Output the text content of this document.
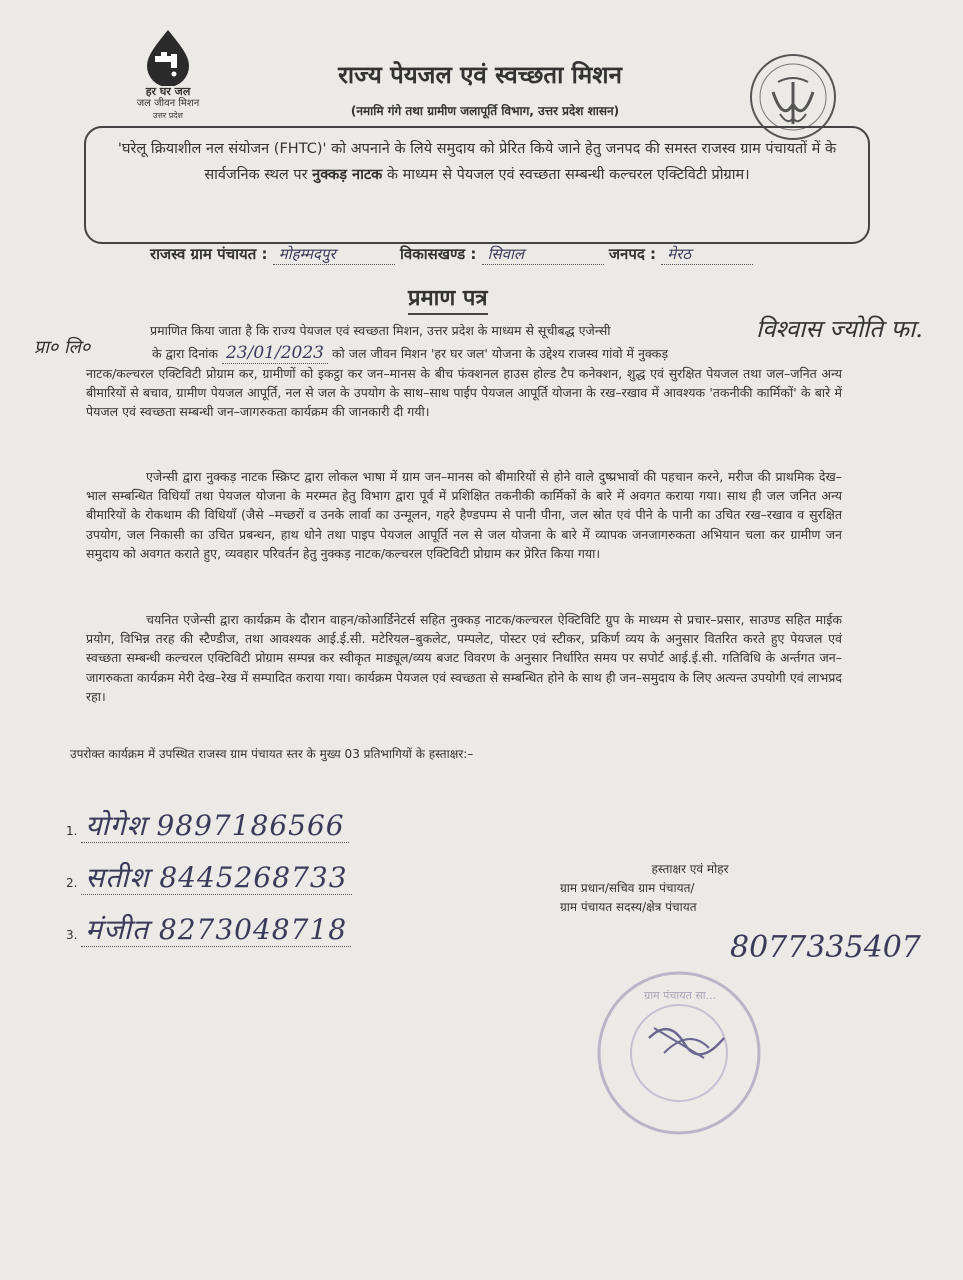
हर घर जल
जल जीवन मिशन
उत्तर प्रदेश
राज्य पेयजल एवं स्वच्छता मिशन
(नमामि गंगे तथा ग्रामीण जलापूर्ति विभाग, उत्तर प्रदेश शासन)
'घरेलू क्रियाशील नल संयोजन (FHTC)' को अपनाने के लिये समुदाय को प्रेरित किये जाने हेतु जनपद की समस्त राजस्व ग्राम पंचायतों में के सार्वजनिक स्थल पर नुक्कड़ नाटक के माध्यम से पेयजल एवं स्वच्छता सम्बन्धी कल्चरल एक्टिविटी प्रोग्राम।
राजस्व ग्राम पंचायत : मोहम्मदपुर	विकासखण्ड : सिवाल	जनपद : मेरठ
प्रमाण पत्र
प्रमाणित किया जाता है कि राज्य पेयजल एवं स्वच्छता मिशन, उत्तर प्रदेश के माध्यम से सूचीबद्ध एजेन्सी	विश्वास ज्योति फा.
प्रा० लि०	के द्वारा दिनांक 23/01/2023 को जल जीवन मिशन 'हर घर जल' योजना के उद्देश्य राजस्व गांवो में नुक्कड़
नाटक/कल्चरल एक्टिविटी प्रोग्राम कर, ग्रामीणों को इकट्ठा कर जन–मानस के बीच फंक्शनल हाउस होल्ड टैप कनेक्शन, शुद्ध एवं सुरक्षित पेयजल तथा जल–जनित अन्य बीमारियों से बचाव, ग्रामीण पेयजल आपूर्ति, नल से जल के उपयोग के साथ–साथ पाईप पेयजल आपूर्ति योजना के रख–रखाव में आवश्यक 'तकनीकी कार्मिकों' के बारे में पेयजल एवं स्वच्छता सम्बन्धी जन–जागरुकता कार्यक्रम की जानकारी दी गयी।
एजेन्सी द्वारा नुक्कड़ नाटक स्क्रिप्ट द्वारा लोकल भाषा में ग्राम जन–मानस को बीमारियों से होने वाले दुष्प्रभावों की पहचान करने, मरीज की प्राथमिक देख–भाल सम्बन्धित विधियाँ तथा पेयजल योजना के मरम्मत हेतु विभाग द्वारा पूर्व में प्रशिक्षित तकनीकी कार्मिकों के बारे में अवगत कराया गया। साथ ही जल जनित अन्य बीमारियों के रोकथाम की विधियाँ (जैसे –मच्छरों व उनके लार्वा का उन्मूलन, गहरे हैण्डपम्प से पानी पीना, जल स्रोत एवं पीने के पानी का उचित रख–रखाव व सुरक्षित उपयोग, जल निकासी का उचित प्रबन्धन, हाथ धोने तथा पाइप पेयजल आपूर्ति नल से जल योजना के बारे में व्यापक जनजागरुकता अभियान चला कर ग्रामीण जन समुदाय को अवगत कराते हुए, व्यवहार परिवर्तन हेतु नुक्कड़ नाटक/कल्चरल एक्टिविटी प्रोग्राम कर प्रेरित किया गया।
चयनित एजेन्सी द्वारा कार्यक्रम के दौरान वाहन/कोआर्डिनेटर्स सहित नुक्कड़ नाटक/कल्चरल ऐक्टिविटि ग्रुप के माध्यम से प्रचार–प्रसार, साउण्ड सहित माईक प्रयोग, विभिन्न तरह की स्टैण्डीज, तथा आवश्यक आई.ई.सी. मटेरियल–बुकलेट, पम्पलेट, पोस्टर एवं स्टीकर, प्रकिर्ण व्यय के अनुसार वितरित करते हुए पेयजल एवं स्वच्छता सम्बन्धी कल्चरल एक्टिविटी प्रोग्राम सम्पन्न कर स्वीकृत माड्यूल/व्यय बजट विवरण के अनुसार निर्धारित समय पर सपोर्ट आई.ई.सी. गतिविधि के अर्न्तगत जन–जागरुकता कार्यक्रम मेरी देख–रेख में सम्पादित कराया गया। कार्यक्रम पेयजल एवं स्वच्छता से सम्बन्धित होने के साथ ही जन–समुदाय के लिए अत्यन्त उपयोगी एवं लाभप्रद रहा।
उपरोक्त कार्यक्रम में उपस्थित राजस्व ग्राम पंचायत स्तर के मुख्य 03 प्रतिभागियों के हस्ताक्षर:–
1. योगेश 9897186566
2. सतीश 8445268733
3. मंजीत 8273048718
हस्ताक्षर एवं मोहर
ग्राम प्रधान/सचिव ग्राम पंचायत/
ग्राम पंचायत सदस्य/क्षेत्र पंचायत
8077335407
ग्राम पंचायत सा...
